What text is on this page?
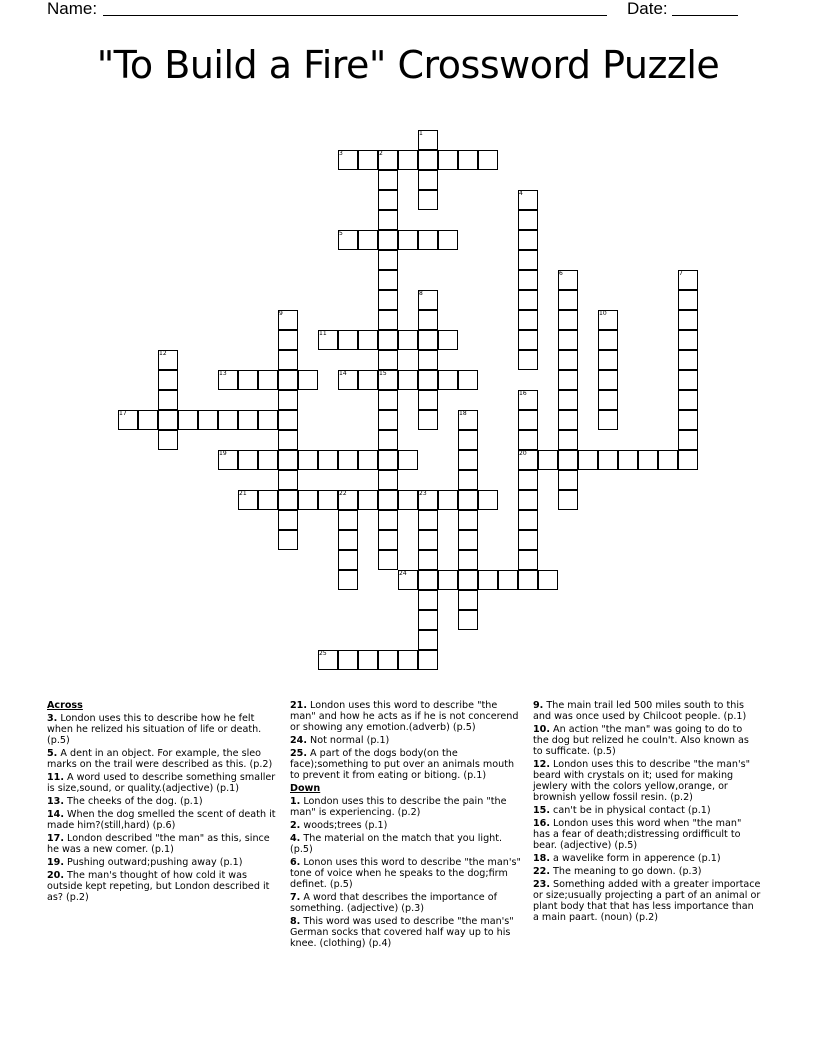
Name:	Date:
"To Build a Fire" Crossword Puzzle
3
5
11
13	14
17
19	20
21
24
25
1
2
4
6	7
8
9	10
12
15
16
18
22	23
Across
3. London uses this to describe how he felt when he relized his situation of life or death. (p.5)
5. A dent in an object. For example, the sleo marks on the trail were described as this. (p.2)
11. A word used to describe something smaller is size,sound, or quality.(adjective) (p.1)
13. The cheeks of the dog. (p.1)
14. When the dog smelled the scent of death it made him?(still,hard) (p.6)
17. London described "the man" as this, since he was a new comer. (p.1)
19. Pushing outward;pushing away (p.1)
20. The man's thought of how cold it was outside kept repeting, but London described it as? (p.2)
21. London uses this word to describe "the man" and how he acts as if he is not concerend or showing any emotion.(adverb) (p.5)
24. Not normal (p.1)
25. A part of the dogs body(on the face);something to put over an animals mouth to prevent it from eating or bitiong. (p.1)
Down
1. London uses this to describe the pain "the man" is experiencing. (p.2)
2. woods;trees (p.1)
4. The material on the match that you light. (p.5)
6. Lonon uses this word to describe "the man's" tone of voice when he speaks to the dog;firm definet. (p.5)
7. A word that describes the importance of something. (adjective) (p.3)
8. This word was used to describe "the man's" German socks that covered half way up to his knee. (clothing) (p.4)
9. The main trail led 500 miles south to this and was once used by Chilcoot people. (p.1)
10. An action "the man" was going to do to the dog but relized he couln't. Also known as to sufficate. (p.5)
12. London uses this to describe "the man's" beard with crystals on it; used for making jewlery with the colors yellow,orange, or brownish yellow fossil resin. (p.2)
15. can't be in physical contact (p.1)
16. London uses this word when "the man" has a fear of death;distressing ordifficult to bear. (adjective) (p.5)
18. a wavelike form in apperence (p.1)
22. The meaning to go down. (p.3)
23. Something added with a greater importace or size;usually projecting a part of an animal or plant body that that has less importance than a main paart. (noun) (p.2)
